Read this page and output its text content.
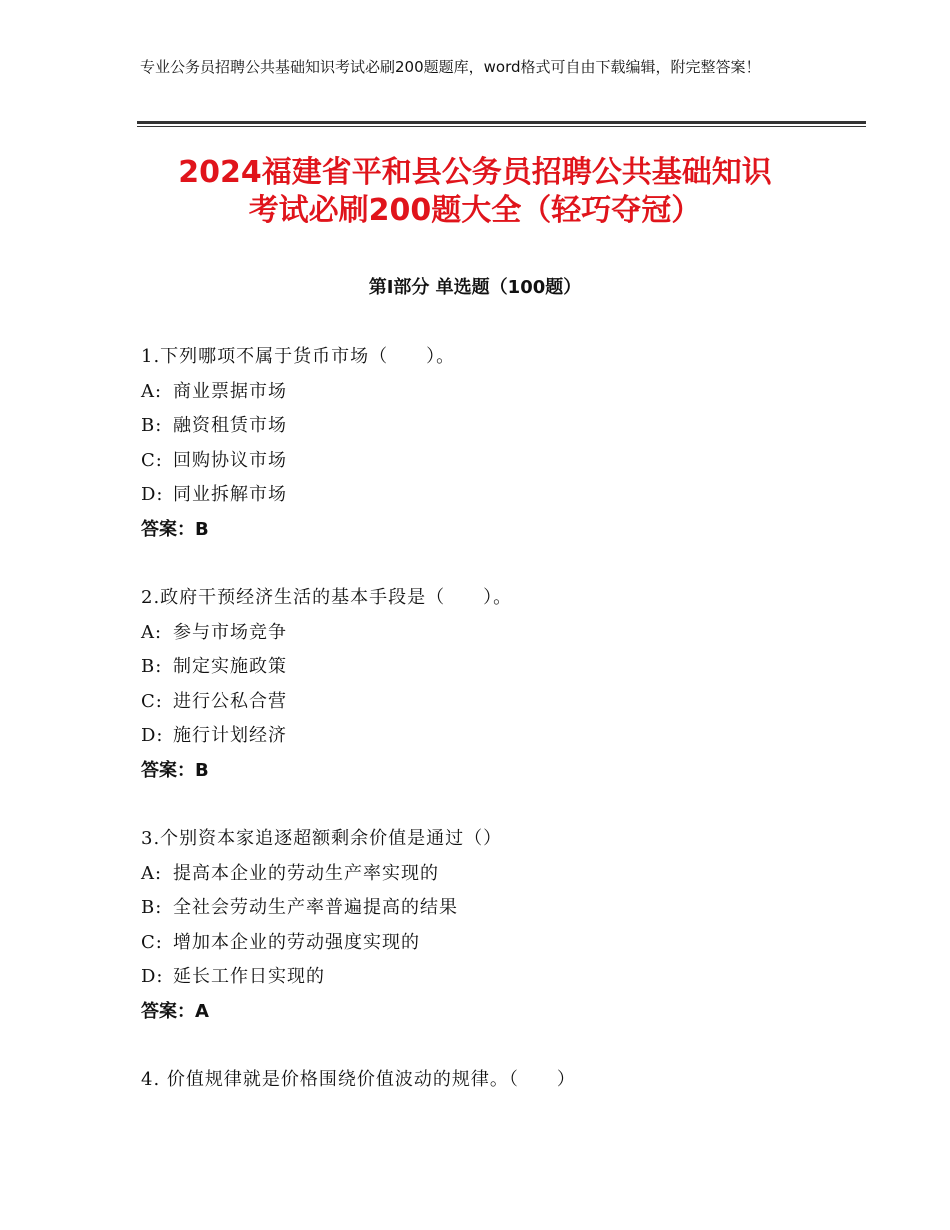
专业公务员招聘公共基础知识考试必刷200题题库，word格式可自由下载编辑，附完整答案！
2024福建省平和县公务员招聘公共基础知识
考试必刷200题大全（轻巧夺冠）
第Ⅰ部分 单选题（100题）
1.下列哪项不属于货币市场（　　）。
A: 商业票据市场
B: 融资租赁市场
C: 回购协议市场
D: 同业拆解市场
答案：B
2.政府干预经济生活的基本手段是（　　）。
A: 参与市场竞争
B: 制定实施政策
C: 进行公私合营
D: 施行计划经济
答案：B
3.个别资本家追逐超额剩余价值是通过（）
A: 提高本企业的劳动生产率实现的
B: 全社会劳动生产率普遍提高的结果
C: 增加本企业的劳动强度实现的
D: 延长工作日实现的
答案：A
4. 价值规律就是价格围绕价值波动的规律。（　　）
